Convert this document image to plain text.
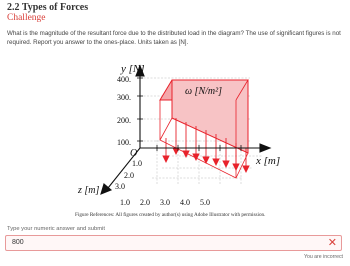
2.2 Types of Forces
Challenge
What is the magnitude of the resultant force due to the distributed load in the diagram? The use of significant figures is not required. Report you answer to the ones-place. Units taken as [N].
y [N]
x [m]
z [m]
O
ω [N/m²]
400.
300.
200.
100.
1.0
2.0
3.0
1.0 2.0 3.0 4.0 5.0
Figure References: All figures created by author(s) using Adobe Illustrator with permission.
Type your numeric answer and submit
800	✕
You are incorrect
